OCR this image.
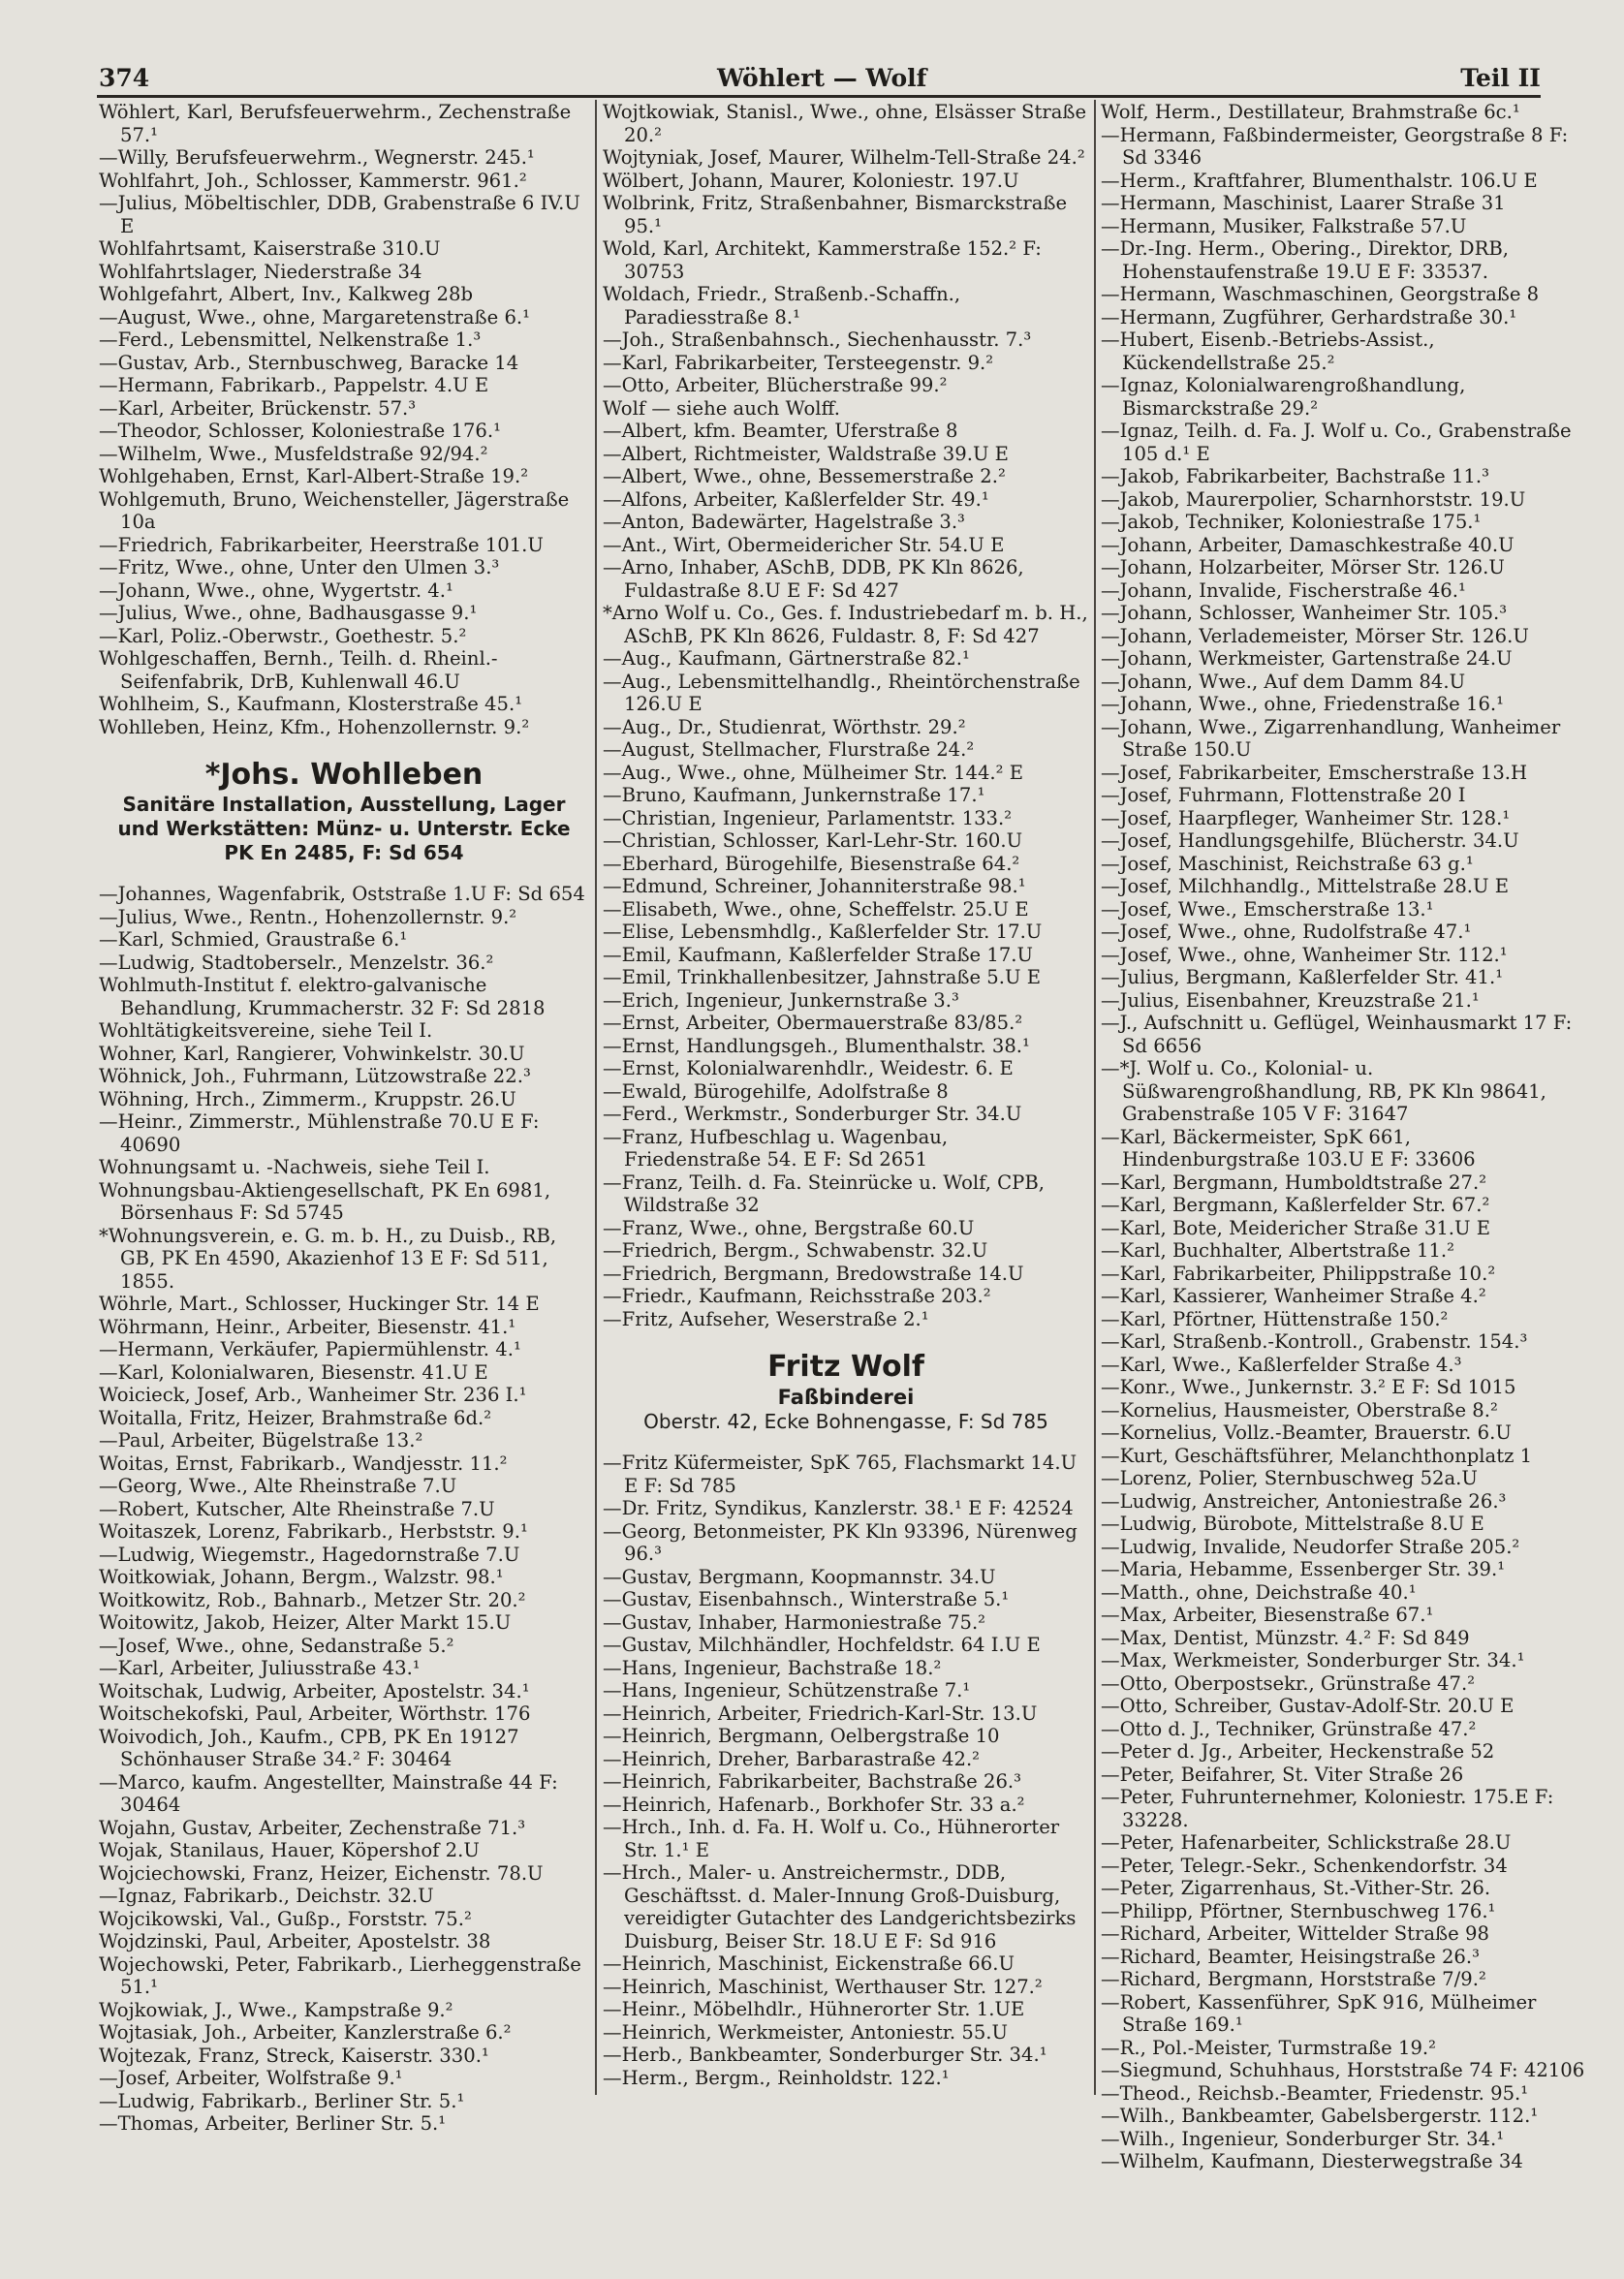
374	Wöhlert — Wolf	Teil II

Wöhlert, Karl, Berufsfeuerwehrm., Zechenstraße 57.¹

—Willy, Berufsfeuerwehrm., Wegnerstr. 245.¹

Wohlfahrt, Joh., Schlosser, Kammerstr. 961.²

—Julius, Möbeltischler, DDB, Grabenstraße 6 IV.U E

Wohlfahrtsamt, Kaiserstraße 310.U

Wohlfahrtslager, Niederstraße 34

Wohlgefahrt, Albert, Inv., Kalkweg 28b

—August, Wwe., ohne, Margaretenstraße 6.¹

—Ferd., Lebensmittel, Nelkenstraße 1.³

—Gustav, Arb., Sternbuschweg, Baracke 14

—Hermann, Fabrikarb., Pappelstr. 4.U E

—Karl, Arbeiter, Brückenstr. 57.³

—Theodor, Schlosser, Koloniestraße 176.¹

—Wilhelm, Wwe., Musfeldstraße 92/94.²

Wohlgehaben, Ernst, Karl-Albert-Straße 19.²

Wohlgemuth, Bruno, Weichensteller, Jägerstraße 10a

—Friedrich, Fabrikarbeiter, Heerstraße 101.U

—Fritz, Wwe., ohne, Unter den Ulmen 3.³

—Johann, Wwe., ohne, Wygertstr. 4.¹

—Julius, Wwe., ohne, Badhausgasse 9.¹

—Karl, Poliz.-Oberwstr., Goethestr. 5.²

Wohlgeschaffen, Bernh., Teilh. d. Rheinl.-Seifenfabrik, DrB, Kuhlenwall 46.U

Wohlheim, S., Kaufmann, Klosterstraße 45.¹

Wohlleben, Heinz, Kfm., Hohenzollernstr. 9.²

*Johs. Wohlleben
Sanitäre Installation, Ausstellung, Lager
und Werkstätten: Münz- u. Unterstr. Ecke
PK En 2485, F: Sd 654

—Johannes, Wagenfabrik, Oststraße 1.U F: Sd 654

—Julius, Wwe., Rentn., Hohenzollernstr. 9.²

—Karl, Schmied, Graustraße 6.¹

—Ludwig, Stadtoberselr., Menzelstr. 36.²

Wohlmuth-Institut f. elektro-galvanische Behandlung, Krummacherstr. 32 F: Sd 2818

Wohltätigkeitsvereine, siehe Teil I.

Wohner, Karl, Rangierer, Vohwinkelstr. 30.U

Wöhnick, Joh., Fuhrmann, Lützowstraße 22.³

Wöhning, Hrch., Zimmerm., Kruppstr. 26.U

—Heinr., Zimmerstr., Mühlenstraße 70.U E F: 40690

Wohnungsamt u. -Nachweis, siehe Teil I.

Wohnungsbau-Aktiengesellschaft, PK En 6981, Börsenhaus F: Sd 5745

*Wohnungsverein, e. G. m. b. H., zu Duisb., RB, GB, PK En 4590, Akazienhof 13 E F: Sd 511, 1855.

Wöhrle, Mart., Schlosser, Huckinger Str. 14 E

Wöhrmann, Heinr., Arbeiter, Biesenstr. 41.¹

—Hermann, Verkäufer, Papiermühlenstr. 4.¹

—Karl, Kolonialwaren, Biesenstr. 41.U E

Woicieck, Josef, Arb., Wanheimer Str. 236 I.¹

Woitalla, Fritz, Heizer, Brahmstraße 6d.²

—Paul, Arbeiter, Bügelstraße 13.²

Woitas, Ernst, Fabrikarb., Wandjesstr. 11.²

—Georg, Wwe., Alte Rheinstraße 7.U

—Robert, Kutscher, Alte Rheinstraße 7.U

Woitaszek, Lorenz, Fabrikarb., Herbststr. 9.¹

—Ludwig, Wiegemstr., Hagedornstraße 7.U

Woitkowiak, Johann, Bergm., Walzstr. 98.¹

Woitkowitz, Rob., Bahnarb., Metzer Str. 20.²

Woitowitz, Jakob, Heizer, Alter Markt 15.U

—Josef, Wwe., ohne, Sedanstraße 5.²

—Karl, Arbeiter, Juliusstraße 43.¹

Woitschak, Ludwig, Arbeiter, Apostelstr. 34.¹

Woitschekofski, Paul, Arbeiter, Wörthstr. 176

Woivodich, Joh., Kaufm., CPB, PK En 19127 Schönhauser Straße 34.² F: 30464

—Marco, kaufm. Angestellter, Mainstraße 44 F: 30464

Wojahn, Gustav, Arbeiter, Zechenstraße 71.³

Wojak, Stanilaus, Hauer, Köpershof 2.U

Wojciechowski, Franz, Heizer, Eichenstr. 78.U

—Ignaz, Fabrikarb., Deichstr. 32.U

Wojcikowski, Val., Gußp., Forststr. 75.²

Wojdzinski, Paul, Arbeiter, Apostelstr. 38

Wojechowski, Peter, Fabrikarb., Lierheggenstraße 51.¹

Wojkowiak, J., Wwe., Kampstraße 9.²

Wojtasiak, Joh., Arbeiter, Kanzlerstraße 6.²

Wojtezak, Franz, Streck, Kaiserstr. 330.¹

—Josef, Arbeiter, Wolfstraße 9.¹

—Ludwig, Fabrikarb., Berliner Str. 5.¹

—Thomas, Arbeiter, Berliner Str. 5.¹

Wojtkowiak, Stanisl., Wwe., ohne, Elsässer Straße 20.²

Wojtyniak, Josef, Maurer, Wilhelm-Tell-Straße 24.²

Wölbert, Johann, Maurer, Koloniestr. 197.U

Wolbrink, Fritz, Straßenbahner, Bismarckstraße 95.¹

Wold, Karl, Architekt, Kammerstraße 152.² F: 30753

Woldach, Friedr., Straßenb.-Schaffn., Paradiesstraße 8.¹

—Joh., Straßenbahnsch., Siechenhausstr. 7.³

—Karl, Fabrikarbeiter, Tersteegenstr. 9.²

—Otto, Arbeiter, Blücherstraße 99.²

Wolf — siehe auch Wolff.

—Albert, kfm. Beamter, Uferstraße 8

—Albert, Richtmeister, Waldstraße 39.U E

—Albert, Wwe., ohne, Bessemerstraße 2.²

—Alfons, Arbeiter, Kaßlerfelder Str. 49.¹

—Anton, Badewärter, Hagelstraße 3.³

—Ant., Wirt, Obermeidericher Str. 54.U E

—Arno, Inhaber, ASchB, DDB, PK Kln 8626, Fuldastraße 8.U E F: Sd 427

*Arno Wolf u. Co., Ges. f. Industriebedarf m. b. H., ASchB, PK Kln 8626, Fuldastr. 8, F: Sd 427

—Aug., Kaufmann, Gärtnerstraße 82.¹

—Aug., Lebensmittelhandlg., Rheintörchenstraße 126.U E

—Aug., Dr., Studienrat, Wörthstr. 29.²

—August, Stellmacher, Flurstraße 24.²

—Aug., Wwe., ohne, Mülheimer Str. 144.² E

—Bruno, Kaufmann, Junkernstraße 17.¹

—Christian, Ingenieur, Parlamentstr. 133.²

—Christian, Schlosser, Karl-Lehr-Str. 160.U

—Eberhard, Bürogehilfe, Biesenstraße 64.²

—Edmund, Schreiner, Johanniterstraße 98.¹

—Elisabeth, Wwe., ohne, Scheffelstr. 25.U E

—Elise, Lebensmhdlg., Kaßlerfelder Str. 17.U

—Emil, Kaufmann, Kaßlerfelder Straße 17.U

—Emil, Trinkhallenbesitzer, Jahnstraße 5.U E

—Erich, Ingenieur, Junkernstraße 3.³

—Ernst, Arbeiter, Obermauerstraße 83/85.²

—Ernst, Handlungsgeh., Blumenthalstr. 38.¹

—Ernst, Kolonialwarenhdlr., Weidestr. 6. E

—Ewald, Bürogehilfe, Adolfstraße 8

—Ferd., Werkmstr., Sonderburger Str. 34.U

—Franz, Hufbeschlag u. Wagenbau, Friedenstraße 54. E F: Sd 2651

—Franz, Teilh. d. Fa. Steinrücke u. Wolf, CPB, Wildstraße 32

—Franz, Wwe., ohne, Bergstraße 60.U

—Friedrich, Bergm., Schwabenstr. 32.U

—Friedrich, Bergmann, Bredowstraße 14.U

—Friedr., Kaufmann, Reichsstraße 203.²

—Fritz, Aufseher, Weserstraße 2.¹

Fritz Wolf
Faßbinderei
Oberstr. 42, Ecke Bohnengasse, F: Sd 785

—Fritz Küfermeister, SpK 765, Flachsmarkt 14.U E F: Sd 785

—Dr. Fritz, Syndikus, Kanzlerstr. 38.¹ E F: 42524

—Georg, Betonmeister, PK Kln 93396, Nürenweg 96.³

—Gustav, Bergmann, Koopmannstr. 34.U

—Gustav, Eisenbahnsch., Winterstraße 5.¹

—Gustav, Inhaber, Harmoniestraße 75.²

—Gustav, Milchhändler, Hochfeldstr. 64 I.U E

—Hans, Ingenieur, Bachstraße 18.²

—Hans, Ingenieur, Schützenstraße 7.¹

—Heinrich, Arbeiter, Friedrich-Karl-Str. 13.U

—Heinrich, Bergmann, Oelbergstraße 10

—Heinrich, Dreher, Barbarastraße 42.²

—Heinrich, Fabrikarbeiter, Bachstraße 26.³

—Heinrich, Hafenarb., Borkhofer Str. 33 a.²

—Hrch., Inh. d. Fa. H. Wolf u. Co., Hühnerorter Str. 1.¹ E

—Hrch., Maler- u. Anstreichermstr., DDB, Geschäftsst. d. Maler-Innung Groß-Duisburg, vereidigter Gutachter des Landgerichtsbezirks Duisburg, Beiser Str. 18.U E F: Sd 916

—Heinrich, Maschinist, Eickenstraße 66.U

—Heinrich, Maschinist, Werthauser Str. 127.²

—Heinr., Möbelhdlr., Hühnerorter Str. 1.UE

—Heinrich, Werkmeister, Antoniestr. 55.U

—Herb., Bankbeamter, Sonderburger Str. 34.¹

—Herm., Bergm., Reinholdstr. 122.¹

Wolf, Herm., Destillateur, Brahmstraße 6c.¹

—Hermann, Faßbindermeister, Georgstraße 8 F: Sd 3346

—Herm., Kraftfahrer, Blumenthalstr. 106.U E

—Hermann, Maschinist, Laarer Straße 31

—Hermann, Musiker, Falkstraße 57.U

—Dr.-Ing. Herm., Obering., Direktor, DRB, Hohenstaufenstraße 19.U E F: 33537.

—Hermann, Waschmaschinen, Georgstraße 8

—Hermann, Zugführer, Gerhardstraße 30.¹

—Hubert, Eisenb.-Betriebs-Assist., Kückendellstraße 25.²

—Ignaz, Kolonialwarengroßhandlung, Bismarckstraße 29.²

—Ignaz, Teilh. d. Fa. J. Wolf u. Co., Grabenstraße 105 d.¹ E

—Jakob, Fabrikarbeiter, Bachstraße 11.³

—Jakob, Maurerpolier, Scharnhorststr. 19.U

—Jakob, Techniker, Koloniestraße 175.¹

—Johann, Arbeiter, Damaschkestraße 40.U

—Johann, Holzarbeiter, Mörser Str. 126.U

—Johann, Invalide, Fischerstraße 46.¹

—Johann, Schlosser, Wanheimer Str. 105.³

—Johann, Verlademeister, Mörser Str. 126.U

—Johann, Werkmeister, Gartenstraße 24.U

—Johann, Wwe., Auf dem Damm 84.U

—Johann, Wwe., ohne, Friedenstraße 16.¹

—Johann, Wwe., Zigarrenhandlung, Wanheimer Straße 150.U

—Josef, Fabrikarbeiter, Emscherstraße 13.H

—Josef, Fuhrmann, Flottenstraße 20 I

—Josef, Haarpfleger, Wanheimer Str. 128.¹

—Josef, Handlungsgehilfe, Blücherstr. 34.U

—Josef, Maschinist, Reichstraße 63 g.¹

—Josef, Milchhandlg., Mittelstraße 28.U E

—Josef, Wwe., Emscherstraße 13.¹

—Josef, Wwe., ohne, Rudolfstraße 47.¹

—Josef, Wwe., ohne, Wanheimer Str. 112.¹

—Julius, Bergmann, Kaßlerfelder Str. 41.¹

—Julius, Eisenbahner, Kreuzstraße 21.¹

—J., Aufschnitt u. Geflügel, Weinhausmarkt 17 F: Sd 6656

—*J. Wolf u. Co., Kolonial- u. Süßwarengroßhandlung, RB, PK Kln 98641, Grabenstraße 105 V F: 31647

—Karl, Bäckermeister, SpK 661, Hindenburgstraße 103.U E F: 33606

—Karl, Bergmann, Humboldtstraße 27.²

—Karl, Bergmann, Kaßlerfelder Str. 67.²

—Karl, Bote, Meidericher Straße 31.U E

—Karl, Buchhalter, Albertstraße 11.²

—Karl, Fabrikarbeiter, Philippstraße 10.²

—Karl, Kassierer, Wanheimer Straße 4.²

—Karl, Pförtner, Hüttenstraße 150.²

—Karl, Straßenb.-Kontroll., Grabenstr. 154.³

—Karl, Wwe., Kaßlerfelder Straße 4.³

—Konr., Wwe., Junkernstr. 3.² E F: Sd 1015

—Kornelius, Hausmeister, Oberstraße 8.²

—Kornelius, Vollz.-Beamter, Brauerstr. 6.U

—Kurt, Geschäftsführer, Melanchthonplatz 1

—Lorenz, Polier, Sternbuschweg 52a.U

—Ludwig, Anstreicher, Antoniestraße 26.³

—Ludwig, Bürobote, Mittelstraße 8.U E

—Ludwig, Invalide, Neudorfer Straße 205.²

—Maria, Hebamme, Essenberger Str. 39.¹

—Matth., ohne, Deichstraße 40.¹

—Max, Arbeiter, Biesenstraße 67.¹

—Max, Dentist, Münzstr. 4.² F: Sd 849

—Max, Werkmeister, Sonderburger Str. 34.¹

—Otto, Oberpostsekr., Grünstraße 47.²

—Otto, Schreiber, Gustav-Adolf-Str. 20.U E

—Otto d. J., Techniker, Grünstraße 47.²

—Peter d. Jg., Arbeiter, Heckenstraße 52

—Peter, Beifahrer, St. Viter Straße 26

—Peter, Fuhrunternehmer, Koloniestr. 175.E F: 33228.

—Peter, Hafenarbeiter, Schlickstraße 28.U

—Peter, Telegr.-Sekr., Schenkendorfstr. 34

—Peter, Zigarrenhaus, St.-Vither-Str. 26.

—Philipp, Pförtner, Sternbuschweg 176.¹

—Richard, Arbeiter, Wittelder Straße 98

—Richard, Beamter, Heisingstraße 26.³

—Richard, Bergmann, Horststraße 7/9.²

—Robert, Kassenführer, SpK 916, Mülheimer Straße 169.¹

—R., Pol.-Meister, Turmstraße 19.²

—Siegmund, Schuhhaus, Horststraße 74 F: 42106

—Theod., Reichsb.-Beamter, Friedenstr. 95.¹

—Wilh., Bankbeamter, Gabelsbergerstr. 112.¹

—Wilh., Ingenieur, Sonderburger Str. 34.¹

—Wilhelm, Kaufmann, Diesterwegstraße 34
